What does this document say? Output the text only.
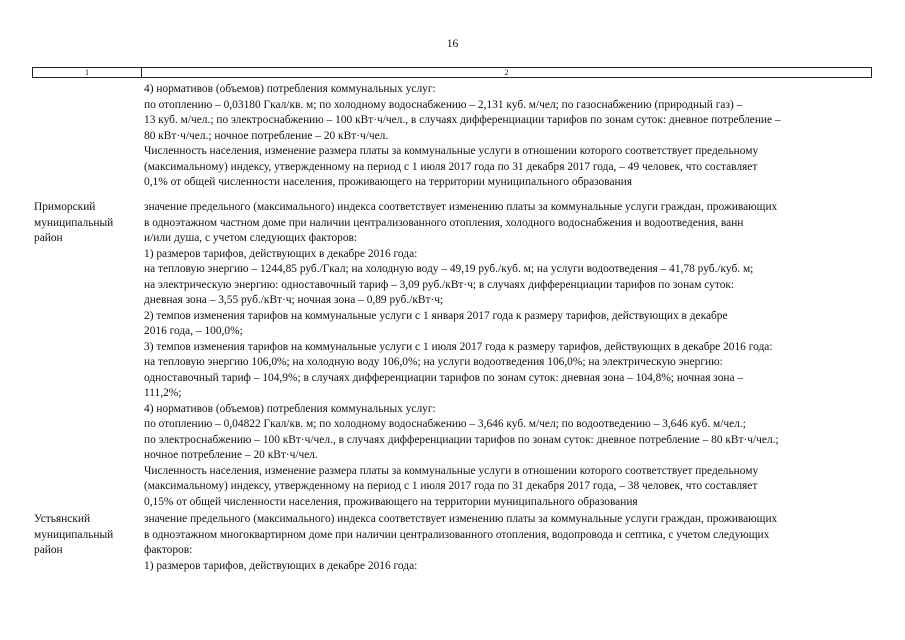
16
1	2
4) нормативов (объемов) потребления коммунальных услуг:
по отоплению – 0,03180 Гкал/кв. м; по холодному водоснабжению – 2,131 куб. м/чел; по газоснабжению (природный газ) –
13 куб. м/чел.; по электроснабжению – 100 кВт·ч/чел., в случаях дифференциации тарифов по зонам суток: дневное потребление –
80 кВт·ч/чел.; ночное потребление – 20 кВт·ч/чел.
Численность населения, изменение размера платы за коммунальные услуги в отношении которого соответствует предельному
(максимальному) индексу, утвержденному на период с 1 июля 2017 года по 31 декабря 2017 года, – 49 человек, что составляет
0,1% от общей численности населения, проживающего на территории муниципального образования
Приморский
муниципальный
район
значение предельного (максимального) индекса соответствует изменению платы за коммунальные услуги граждан, проживающих
в одноэтажном частном доме при наличии централизованного отопления, холодного водоснабжения и водоотведения, ванн
и/или душа, с учетом следующих факторов:
1) размеров тарифов, действующих в декабре 2016 года:
на тепловую энергию – 1244,85 руб./Гкал; на холодную воду – 49,19 руб./куб. м; на услуги водоотведения – 41,78 руб./куб. м;
на электрическую энергию: одноставочный тариф – 3,09 руб./кВт·ч; в случаях дифференциации тарифов по зонам суток:
дневная зона – 3,55 руб./кВт·ч; ночная зона – 0,89 руб./кВт·ч;
2) темпов изменения тарифов на коммунальные услуги с 1 января 2017 года к размеру тарифов, действующих в декабре
2016 года, – 100,0%;
3) темпов изменения тарифов на коммунальные услуги с 1 июля 2017 года к размеру тарифов, действующих в декабре 2016 года:
на тепловую энергию 106,0%; на холодную воду 106,0%; на услуги водоотведения 106,0%; на электрическую энергию:
одноставочный тариф – 104,9%; в случаях дифференциации тарифов по зонам суток: дневная зона – 104,8%; ночная зона –
111,2%;
4) нормативов (объемов) потребления коммунальных услуг:
по отоплению – 0,04822 Гкал/кв. м; по холодному водоснабжению – 3,646 куб. м/чел; по водоотведению – 3,646 куб. м/чел.;
по электроснабжению – 100 кВт·ч/чел., в случаях дифференциации тарифов по зонам суток: дневное потребление – 80 кВт·ч/чел.;
ночное потребление – 20 кВт·ч/чел.
Численность населения, изменение размера платы за коммунальные услуги в отношении которого соответствует предельному
(максимальному) индексу, утвержденному на период с 1 июля 2017 года по 31 декабря 2017 года, – 38 человек, что составляет
0,15% от общей численности населения, проживающего на территории муниципального образования
Устьянский
муниципальный
район
значение предельного (максимального) индекса соответствует изменению платы за коммунальные услуги граждан, проживающих
в одноэтажном многоквартирном доме при наличии централизованного отопления, водопровода и септика, с учетом следующих
факторов:
1) размеров тарифов, действующих в декабре 2016 года:
